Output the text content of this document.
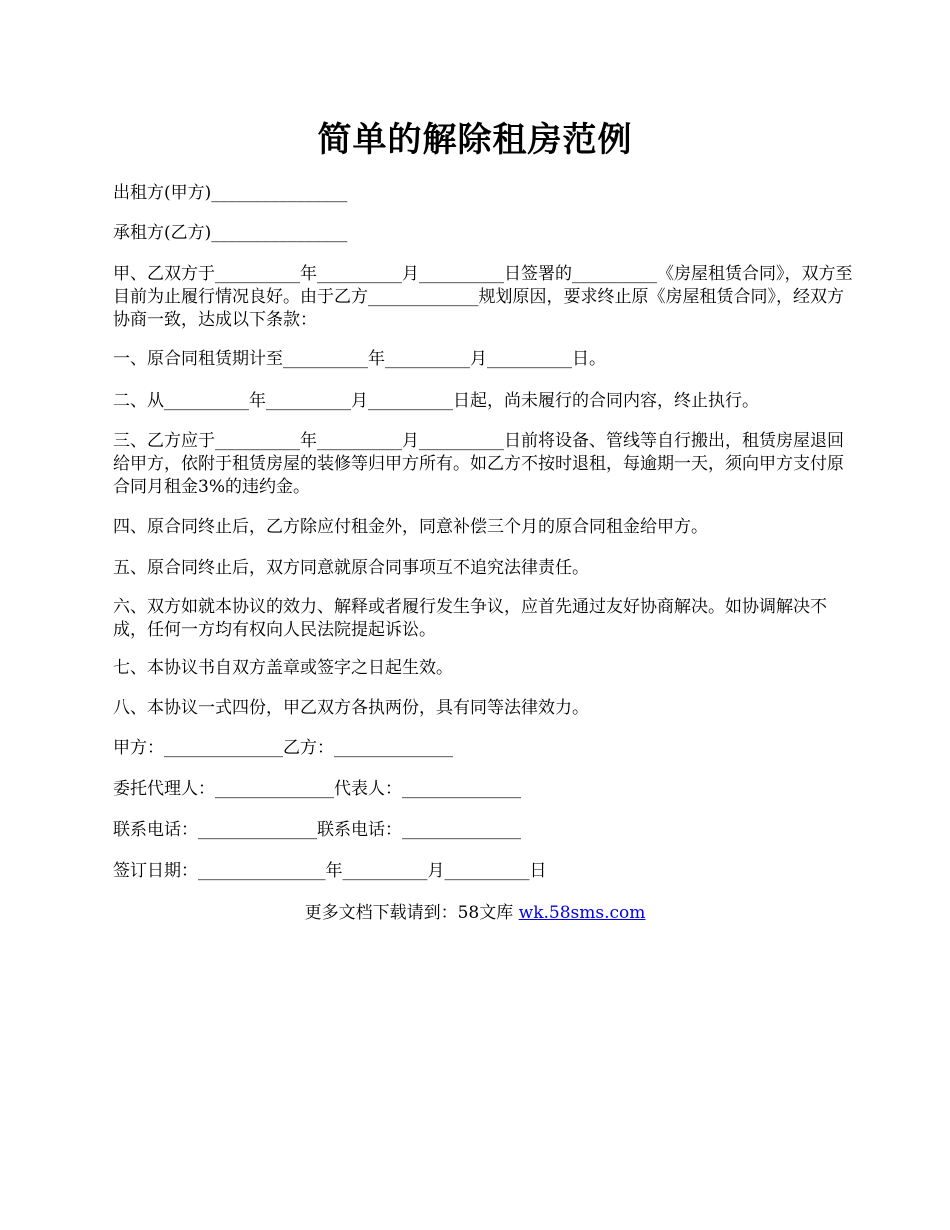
简单的解除租房范例

出租方(甲方)________________

承租方(乙方)________________

甲、乙双方于__________年__________月__________日签署的__________《房屋租赁合同》，双方至目前为止履行情况良好。由于乙方_____________规划原因，要求终止原《房屋租赁合同》，经双方协商一致，达成以下条款：

一、原合同租赁期计至__________年__________月__________日。

二、从__________年__________月__________日起，尚未履行的合同内容，终止执行。

三、乙方应于__________年__________月__________日前将设备、管线等自行搬出，租赁房屋退回给甲方，依附于租赁房屋的装修等归甲方所有。如乙方不按时退租，每逾期一天，须向甲方支付原合同月租金3%的违约金。

四、原合同终止后，乙方除应付租金外，同意补偿三个月的原合同租金给甲方。

五、原合同终止后，双方同意就原合同事项互不追究法律责任。

六、双方如就本协议的效力、解释或者履行发生争议，应首先通过友好协商解决。如协调解决不成，任何一方均有权向人民法院提起诉讼。

七、本协议书自双方盖章或签字之日起生效。

八、本协议一式四份，甲乙双方各执两份，具有同等法律效力。

甲方：______________乙方：______________

委托代理人：______________代表人：______________

联系电话：______________联系电话：______________

签订日期：_______________年__________月__________日

更多文档下载请到：58文库 wk.58sms.com
